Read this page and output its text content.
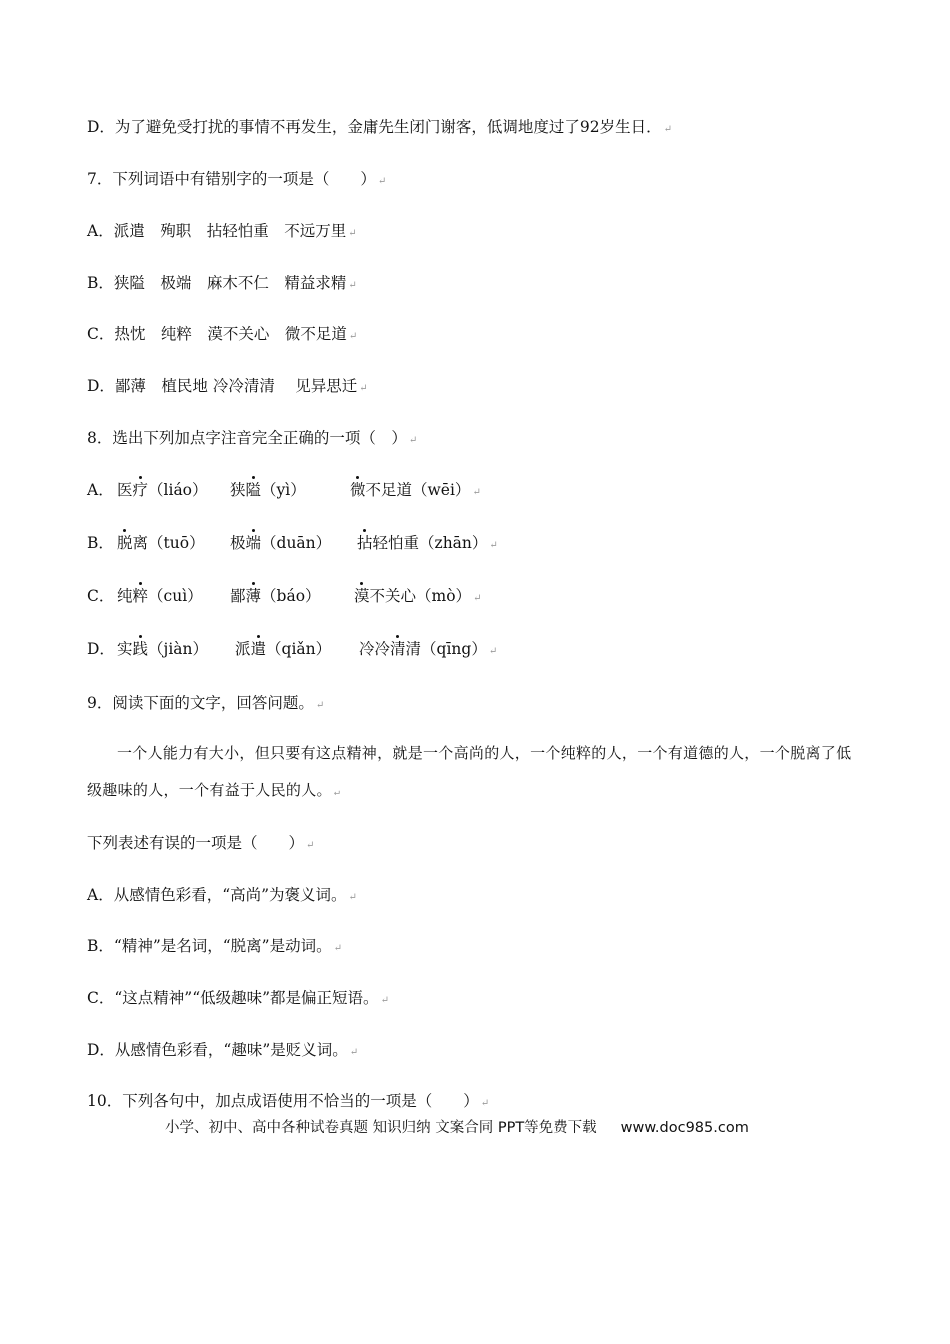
D．为了避免受打扰的事情不再发生，金庸先生闭门谢客，低调地度过了92岁生日． ↵
7．下列词语中有错别字的一项是（　　） ↵
A．派遣　殉职　拈轻怕重　不远万里 ↵
B．狭隘　极端　麻木不仁　精益求精 ↵
C．热忱　纯粹　漠不关心　微不足道 ↵
D．鄙薄　植民地 冷冷清清　 见异思迁 ↵
8．选出下列加点字注音完全正确的一项（　） ↵
A． 医疗（liáo） 狭隘（yì）	微不足道（wēi） ↵
B． 脱离（tuō） 极端（duān） 拈轻怕重（zhān） ↵
C． 纯粹（cuì） 鄙薄（báo） 漠不关心（mò） ↵
D． 实践（jiàn） 派遣（qiǎn） 冷冷清清（qīng） ↵
9．阅读下面的文字，回答问题。 ↵
一个人能力有大小，但只要有这点精神，就是一个高尚的人，一个纯粹的人，一个有道德的人，一个脱离了低级趣味的人，一个有益于人民的人。 ↵
下列表述有误的一项是（　　） ↵
A．从感情色彩看，“高尚”为褒义词。 ↵
B．“精神”是名词，“脱离”是动词。 ↵
C．“这点精神”“低级趣味”都是偏正短语。 ↵
D．从感情色彩看，“趣味”是贬义词。 ↵
10．下列各句中，加点成语使用不恰当的一项是（　　） ↵
小学、初中、高中各种试卷真题 知识归纳 文案合同 PPT等免费下载 www.doc985.com
